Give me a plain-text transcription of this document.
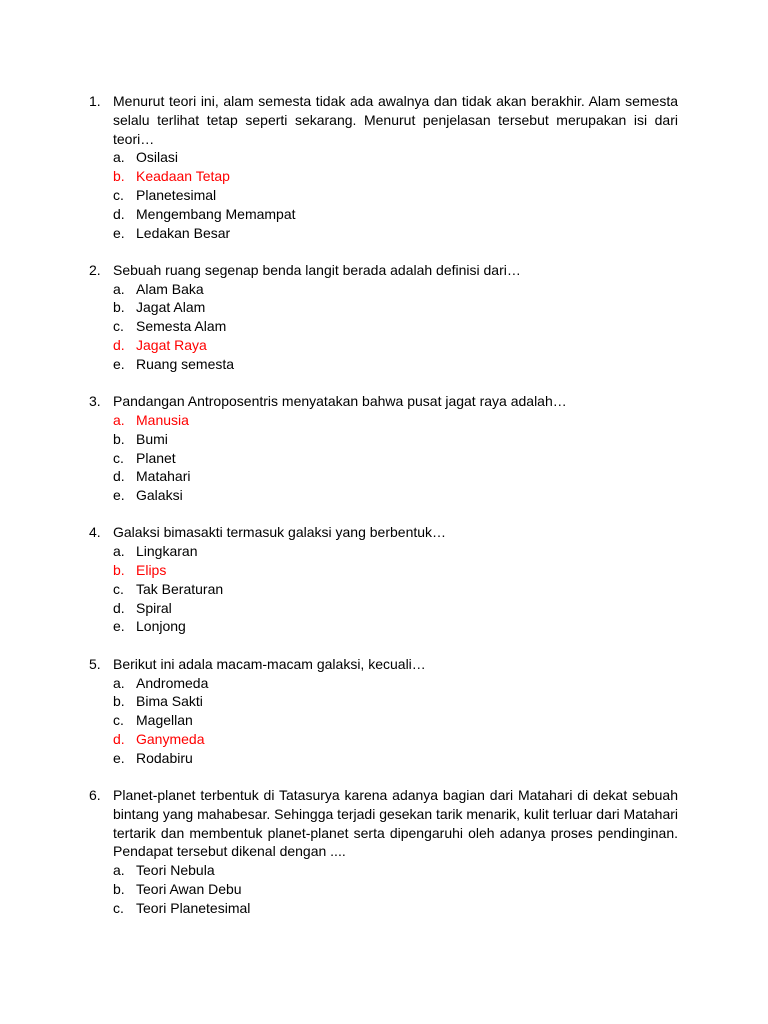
1. Menurut teori ini, alam semesta tidak ada awalnya dan tidak akan berakhir. Alam semesta selalu terlihat tetap seperti sekarang. Menurut penjelasan tersebut merupakan isi dari teori…
a. Osilasi
b. Keadaan Tetap
c. Planetesimal
d. Mengembang Memampat
e. Ledakan Besar
2. Sebuah ruang segenap benda langit berada adalah definisi dari…
a. Alam Baka
b. Jagat Alam
c. Semesta Alam
d. Jagat Raya
e. Ruang semesta
3. Pandangan Antroposentris menyatakan bahwa pusat jagat raya adalah…
a. Manusia
b. Bumi
c. Planet
d. Matahari
e. Galaksi
4. Galaksi bimasakti termasuk galaksi yang berbentuk…
a. Lingkaran
b. Elips
c. Tak Beraturan
d. Spiral
e. Lonjong
5. Berikut ini adala macam-macam galaksi, kecuali…
a. Andromeda
b. Bima Sakti
c. Magellan
d. Ganymeda
e. Rodabiru
6. Planet-planet terbentuk di Tatasurya karena adanya bagian dari Matahari di dekat sebuah bintang yang mahabesar. Sehingga terjadi gesekan tarik menarik, kulit terluar dari Matahari tertarik dan membentuk planet-planet serta dipengaruhi oleh adanya proses pendinginan. Pendapat tersebut dikenal dengan ....
a. Teori Nebula
b. Teori Awan Debu
c. Teori Planetesimal
